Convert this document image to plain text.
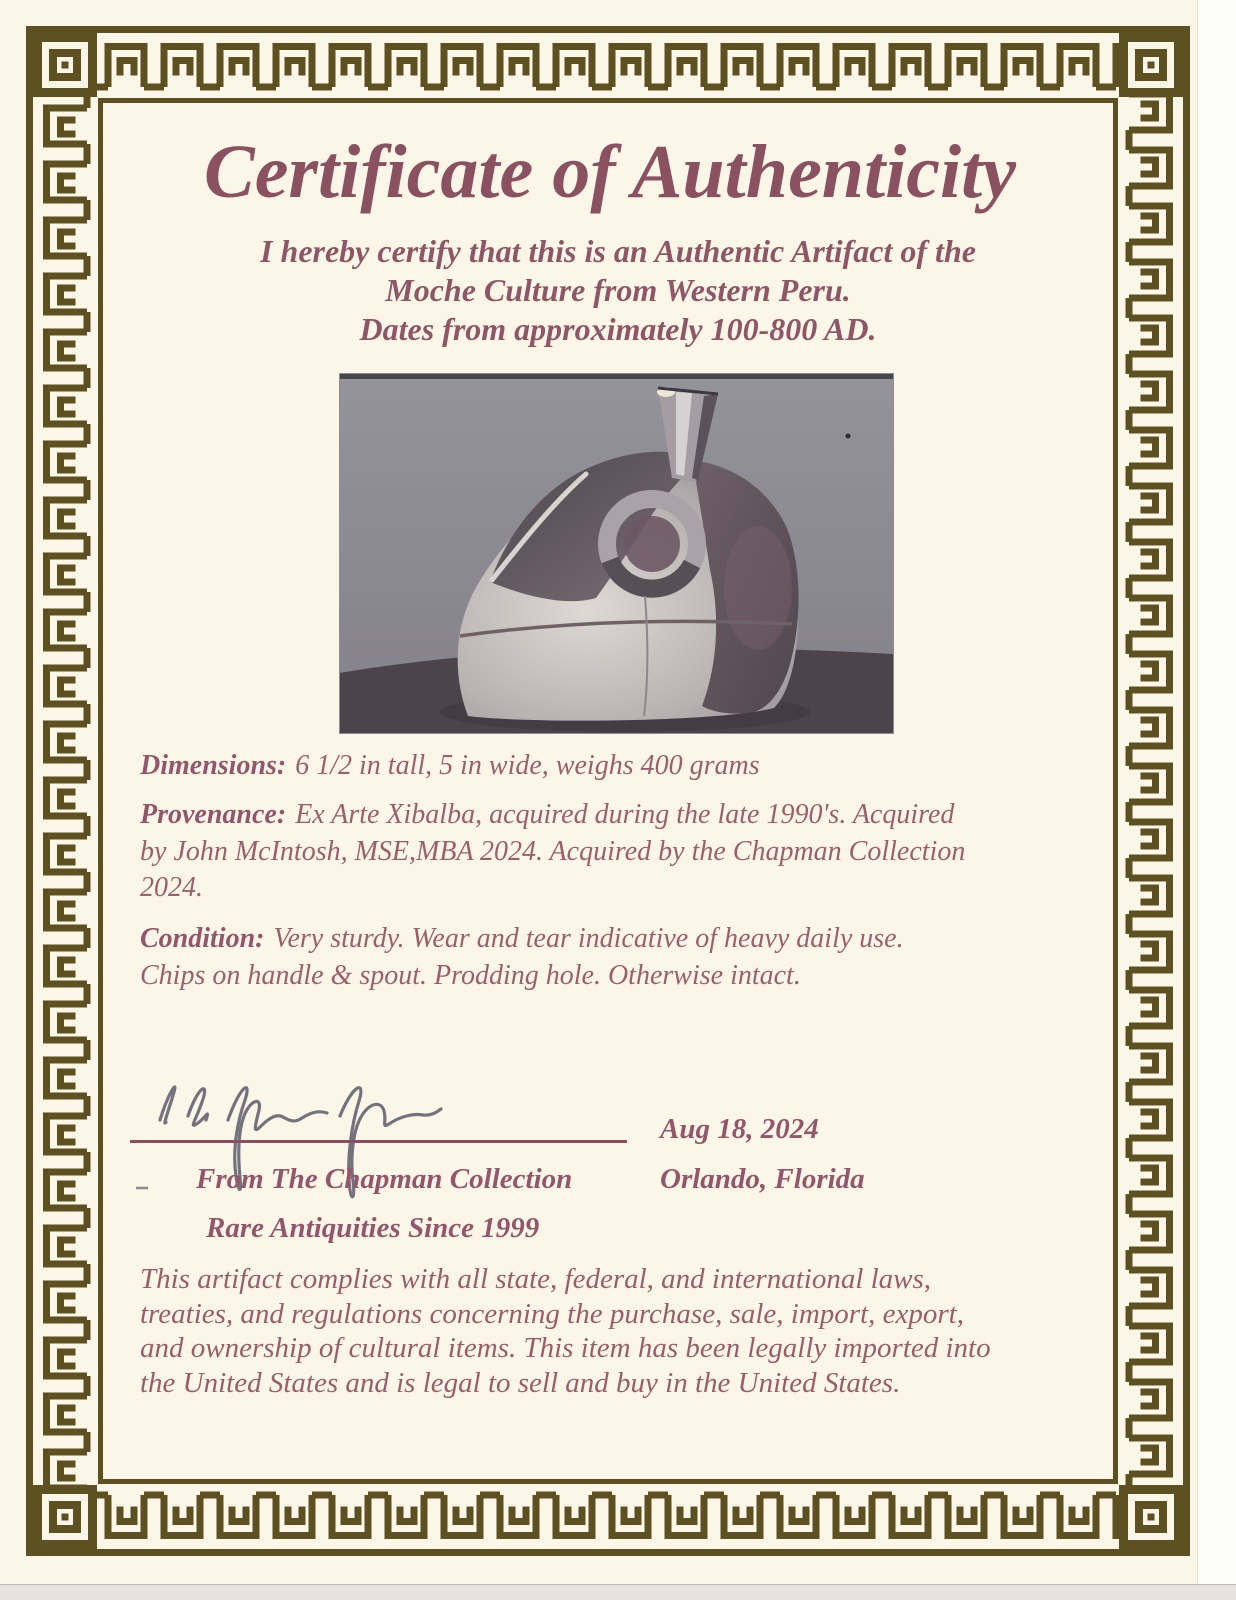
Certificate of Authenticity
I hereby certify that this is an Authentic Artifact of the
Moche Culture from Western Peru.
Dates from approximately 100-800 AD.
Dimensions: 6 1/2 in tall, 5 in wide, weighs 400 grams
Provenance: Ex Arte Xibalba, acquired during the late 1990's. Acquired
by John McIntosh, MSE,MBA 2024. Acquired by the Chapman Collection
2024.
Condition: Very sturdy. Wear and tear indicative of heavy daily use.
Chips on handle & spout. Prodding hole. Otherwise intact.
Aug 18, 2024
From The Chapman Collection	Orlando, Florida
Rare Antiquities Since 1999
This artifact complies with all state, federal, and international laws,
treaties, and regulations concerning the purchase, sale, import, export,
and ownership of cultural items. This item has been legally imported into
the United States and is legal to sell and buy in the United States.
